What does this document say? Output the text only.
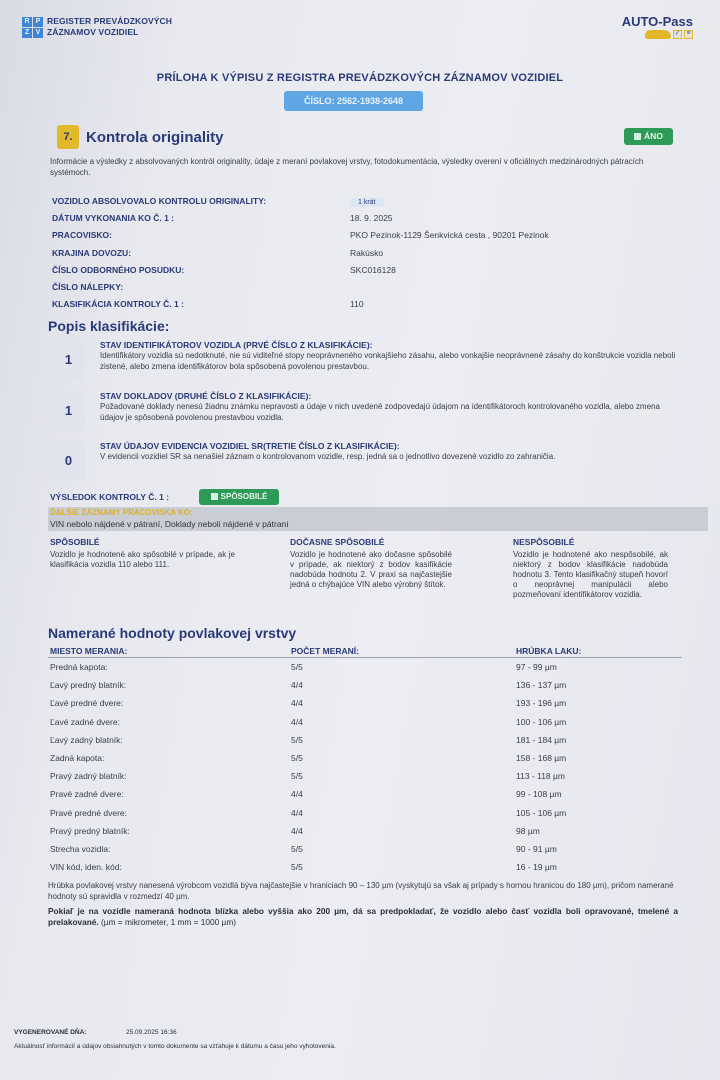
R P
Z V
REGISTER PREVÁDZKOVÝCH
ZÁZNAMOV VOZIDIEL
AUTO-Pass
✓ ≡
PRÍLOHA K VÝPISU Z REGISTRA PREVÁDZKOVÝCH ZÁZNAMOV VOZIDIEL
ČÍSLO: 2562-1938-2648
7. Kontrola originality	ÁNO
Informácie a výsledky z absolvovaných kontról originality, údaje z meraní povlakovej vrstvy, fotodokumentácia, výsledky overení v oficiálnych medzinárodných pátracích systémoch.
VOZIDLO ABSOLVOVALO KONTROLU ORIGINALITY:	1 krát
DÁTUM VYKONANIA KO Č. 1 :	18. 9. 2025
PRACOVISKO:	PKO Pezinok-1129 Šenkvická cesta , 90201 Pezinok
KRAJINA DOVOZU:	Rakúsko
ČÍSLO ODBORNÉHO POSUDKU:	SKC016128
ČÍSLO NÁLEPKY:
KLASIFIKÁCIA KONTROLY Č. 1 :	110
Popis klasifikácie:
1
STAV IDENTIFIKÁTOROV VOZIDLA (PRVÉ ČÍSLO Z KLASIFIKÁCIE):
Identifikátory vozidla sú nedotknuté, nie sú viditeľné stopy neoprávneného vonkajšieho zásahu, alebo vonkajšie neoprávnené zásahy do konštrukcie vozidla neboli zistené, alebo zmena identifikátorov bola spôsobená povolenou prestavbou.
1
STAV DOKLADOV (DRUHÉ ČÍSLO Z KLASIFIKÁCIE):
Požadované doklady nenesú žiadnu známku nepravosti a údaje v nich uvedené zodpovedajú údajom na identifikátoroch kontrolovaného vozidla, alebo zmena údajov je spôsobená povolenou prestavbou vozidla.
0
STAV ÚDAJOV EVIDENCIA VOZIDIEL SR(TRETIE ČÍSLO Z KLASIFIKÁCIE):
V evidencii vozidiel SR sa nenašiel záznam o kontrolovanom vozidle, resp. jedná sa o jednotlivo dovezené vozidlo zo zahraničia.
VÝSLEDOK KONTROLY Č. 1 :	SPÔSOBILÉ
ĎALŠIE ZÁZNAMY PRACOVISKA KO:
VIN nebolo nájdené v pátraní, Doklady neboli nájdené v pátraní
SPÔSOBILÉ
Vozidlo je hodnotené ako spôsobilé v prípade, ak je klasifikácia vozidla 110 alebo 111.
DOČASNE SPÔSOBILÉ
Vozidlo je hodnotené ako dočasne spôsobilé v prípade, ak niektorý z bodov kasifikácie nadobúda hodnotu 2. V praxi sa najčastejšie jedná o chýbajúce VIN alebo výrobný štítok.
NESPÔSOBILÉ
Vozidlo je hodnotené ako nespôsobilé, ak niektorý z bodov klasifikácie nadobúda hodnotu 3. Tento klasifikačný stupeň hovorí o neoprávnej manipulácii alebo pozmeňovaní identifikátorov vozidla.
Namerané hodnoty povlakovej vrstvy
MIESTO MERANIA:	POČET MERANÍ:	HRÚBKA LAKU:
Predná kapota:	5/5	97 - 99 µm
Ľavý predný blatník:	4/4	136 - 137 µm
Ľavé predné dvere:	4/4	193 - 196 µm
Ľavé zadné dvere:	4/4	100 - 106 µm
Ľavý zadný blatník:	5/5	181 - 184 µm
Zadná kapota:	5/5	158 - 168 µm
Pravý zadný blatník:	5/5	113 - 118 µm
Pravé zadné dvere:	4/4	99 - 108 µm
Pravé predné dvere:	4/4	105 - 106 µm
Pravý predný blatník:	4/4	98 µm
Strecha vozidla:	5/5	90 - 91 µm
VIN kód, iden. kód:	5/5	16 - 19 µm
Hrúbka povlakovej vrstvy nanesená výrobcom vozidlá býva najčastejšie v hraniciach 90 – 130 µm (vyskytujú sa však aj prípady s hornou hranicou do 180 µm), pričom namerané hodnoty sú spravidla v rozmedzí 40 µm.
Pokiaľ je na vozidle nameraná hodnota blízka alebo vyššia ako 200 µm, dá sa predpokladať, že vozidlo alebo časť vozidla boli opravované, tmelené a prelakované. (µm = mikrometer, 1 mm = 1000 µm)
VYGENEROVANÉ DŇA:	25.09.2025 16:36
Aktuálnosť informácií a údajov obsiahnutých v tomto dokumente sa vzťahuje k dátumu a času jeho vyhotovenia.
